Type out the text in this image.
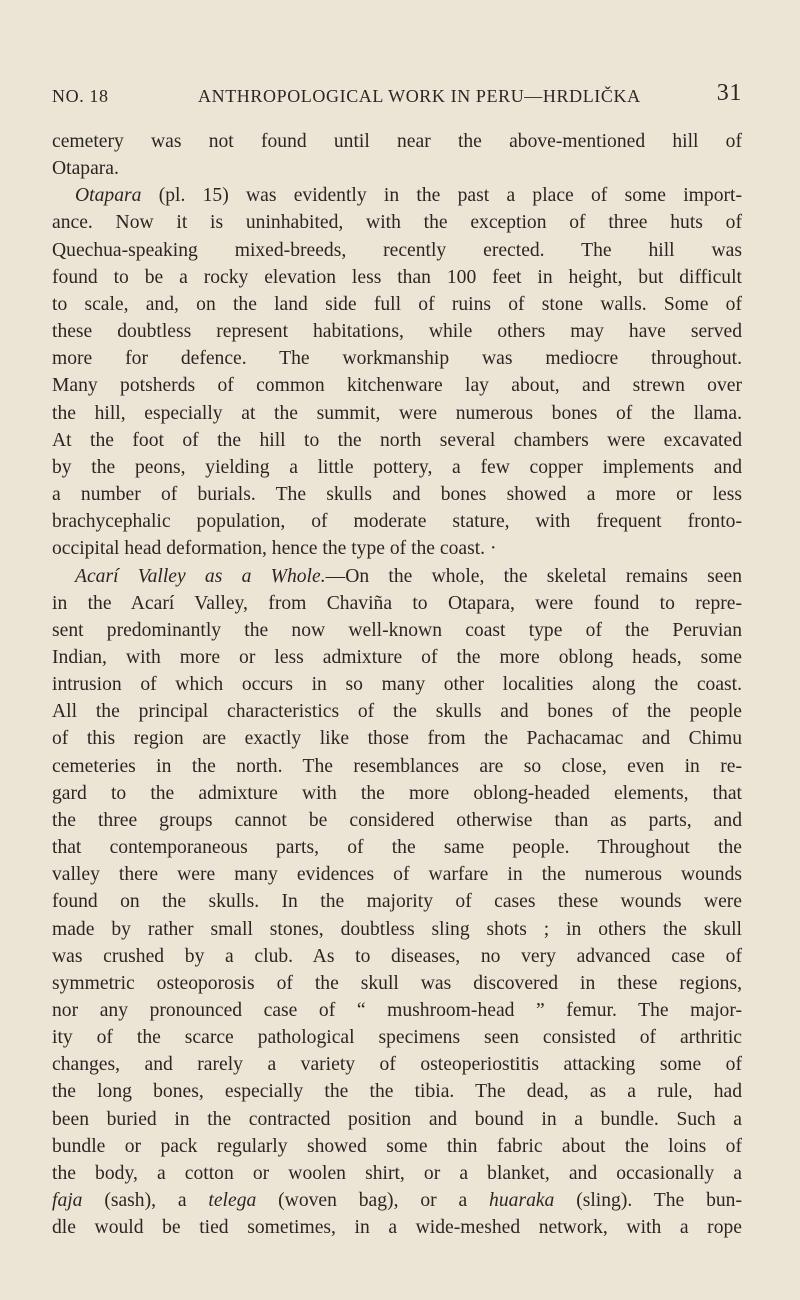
NO. 18	ANTHROPOLOGICAL WORK IN PERU—HRDLIČKA	31

cemetery was not found until near the above-mentioned hill of
Otapara.

Otapara (pl. 15) was evidently in the past a place of some import-
ance. Now it is uninhabited, with the exception of three huts of
Quechua-speaking mixed-breeds, recently erected. The hill was
found to be a rocky elevation less than 100 feet in height, but difficult
to scale, and, on the land side full of ruins of stone walls. Some of
these doubtless represent habitations, while others may have served
more for defence. The workmanship was mediocre throughout.
Many potsherds of common kitchenware lay about, and strewn over
the hill, especially at the summit, were numerous bones of the llama.
At the foot of the hill to the north several chambers were excavated
by the peons, yielding a little pottery, a few copper implements and
a number of burials. The skulls and bones showed a more or less
brachycephalic population, of moderate stature, with frequent fronto-
occipital head deformation, hence the type of the coast. ·

Acarí Valley as a Whole.—On the whole, the skeletal remains seen
in the Acarí Valley, from Chaviña to Otapara, were found to repre-
sent predominantly the now well-known coast type of the Peruvian
Indian, with more or less admixture of the more oblong heads, some
intrusion of which occurs in so many other localities along the coast.
All the principal characteristics of the skulls and bones of the people
of this region are exactly like those from the Pachacamac and Chimu
cemeteries in the north. The resemblances are so close, even in re-
gard to the admixture with the more oblong-headed elements, that
the three groups cannot be considered otherwise than as parts, and
that contemporaneous parts, of the same people. Throughout the
valley there were many evidences of warfare in the numerous wounds
found on the skulls. In the majority of cases these wounds were
made by rather small stones, doubtless sling shots ; in others the skull
was crushed by a club. As to diseases, no very advanced case of
symmetric osteoporosis of the skull was discovered in these regions,
nor any pronounced case of “ mushroom-head ” femur. The major-
ity of the scarce pathological specimens seen consisted of arthritic
changes, and rarely a variety of osteoperiostitis attacking some of
the long bones, especially the the tibia. The dead, as a rule, had
been buried in the contracted position and bound in a bundle. Such a
bundle or pack regularly showed some thin fabric about the loins of
the body, a cotton or woolen shirt, or a blanket, and occasionally a
faja (sash), a telega (woven bag), or a huaraka (sling). The bun-
dle would be tied sometimes, in a wide-meshed network, with a rope
